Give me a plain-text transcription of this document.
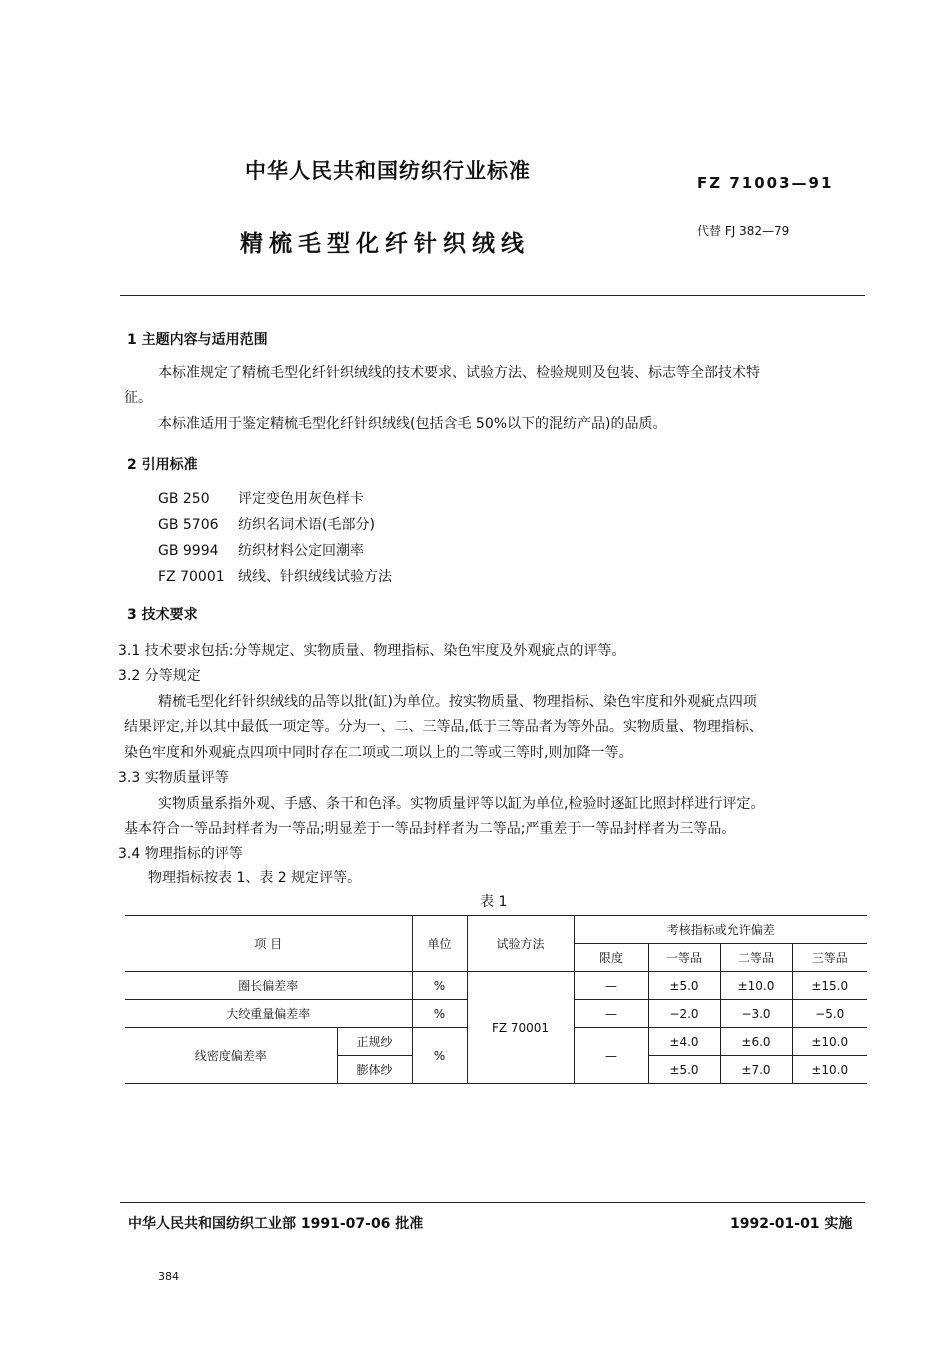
中华人民共和国纺织行业标准	FZ 71003—91
精梳毛型化纤针织绒线	代替 FJ 382—79
1 主题内容与适用范围
本标准规定了精梳毛型化纤针织绒线的技术要求、试验方法、检验规则及包装、标志等全部技术特
征。
本标准适用于鉴定精梳毛型化纤针织绒线(包括含毛 50%以下的混纺产品)的品质。
2 引用标准
GB 250 评定变色用灰色样卡
GB 5706 纺织名词术语(毛部分)
GB 9994 纺织材料公定回潮率
FZ 70001 绒线、针织绒线试验方法
3 技术要求
3.1 技术要求包括:分等规定、实物质量、物理指标、染色牢度及外观疵点的评等。
3.2 分等规定
精梳毛型化纤针织绒线的品等以批(缸)为单位。按实物质量、物理指标、染色牢度和外观疵点四项
结果评定,并以其中最低一项定等。分为一、二、三等品,低于三等品者为等外品。实物质量、物理指标、
染色牢度和外观疵点四项中同时存在二项或二项以上的二等或三等时,则加降一等。
3.3 实物质量评等
实物质量系指外观、手感、条干和色泽。实物质量评等以缸为单位,检验时逐缸比照封样进行评定。
基本符合一等品封样者为一等品;明显差于一等品封样者为二等品;严重差于一等品封样者为三等品。
3.4 物理指标的评等
物理指标按表 1、表 2 规定评等。
表 1
项 目		单位	试验方法	考核指标或允许偏差			
				限度	一等品	二等品	三等品
圈长偏差率		%	FZ 70001	—	±5.0	±10.0	±15.0
大绞重量偏差率		%		—	−2.0	−3.0	−5.0
线密度偏差率	正规纱	%		—	±4.0	±6.0	±10.0
	膨体纱				±5.0	±7.0	±10.0
中华人民共和国纺织工业部 1991-07-06 批准	1992-01-01 实施
384
